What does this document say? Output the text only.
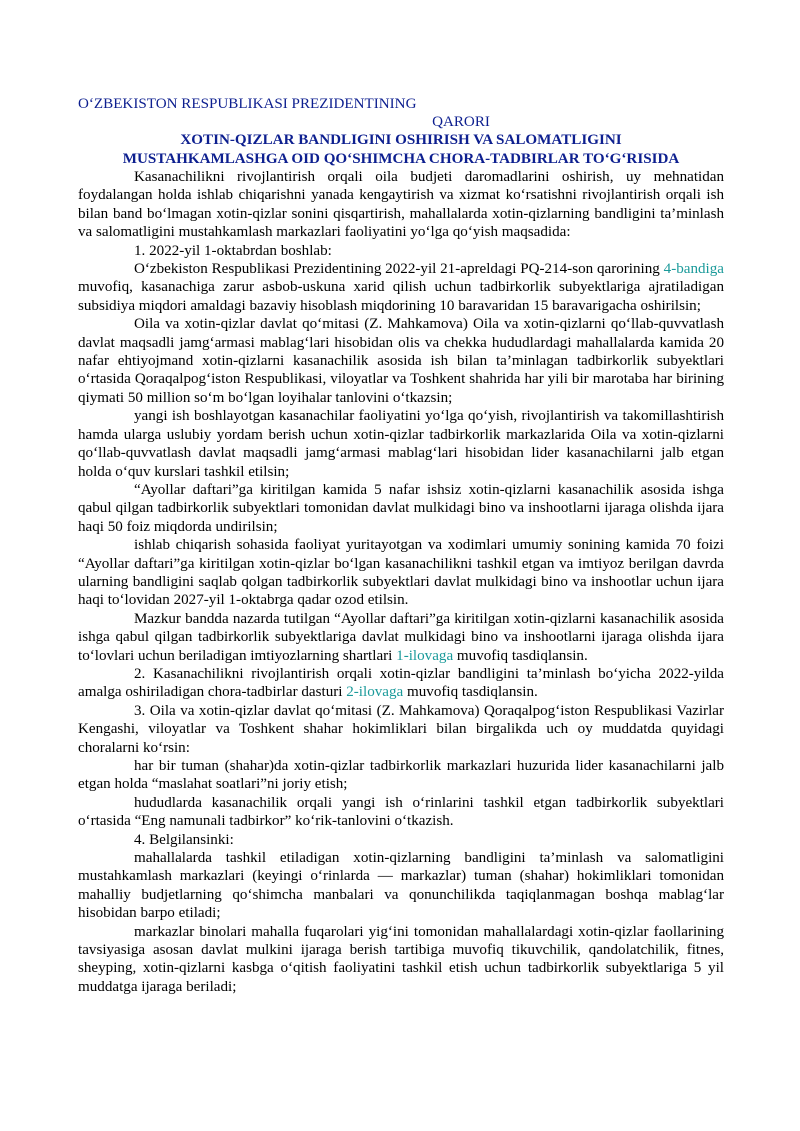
O‘ZBEKISTON RESPUBLIKASI PREZIDENTINING
QARORI
XOTIN-QIZLAR BANDLIGINI OSHIRISH VA SALOMATLIGINI
MUSTAHKAMLASHGA OID QO‘SHIMCHA CHORA-TADBIRLAR TO‘G‘RISIDA

Kasanachilikni rivojlantirish orqali oila budjeti daromadlarini oshirish, uy mehnatidan foydalangan holda ishlab chiqarishni yanada kengaytirish va xizmat ko‘rsatishni rivojlantirish orqali ish bilan band bo‘lmagan xotin-qizlar sonini qisqartirish, mahallalarda xotin-qizlarning bandligini ta’minlash va salomatligini mustahkamlash markazlari faoliyatini yo‘lga qo‘yish maqsadida:

1. 2022-yil 1-oktabrdan boshlab:

O‘zbekiston Respublikasi Prezidentining 2022-yil 21-apreldagi PQ-214-son qarorining 4-bandiga muvofiq, kasanachiga zarur asbob-uskuna xarid qilish uchun tadbirkorlik subyektlariga ajratiladigan subsidiya miqdori amaldagi bazaviy hisoblash miqdorining 10 baravaridan 15 baravarigacha oshirilsin;

Oila va xotin-qizlar davlat qo‘mitasi (Z. Mahkamova) Oila va xotin-qizlarni qo‘llab-quvvatlash davlat maqsadli jamg‘armasi mablag‘lari hisobidan olis va chekka hududlardagi mahallalarda kamida 20 nafar ehtiyojmand xotin-qizlarni kasanachilik asosida ish bilan ta’minlagan tadbirkorlik subyektlari o‘rtasida Qoraqalpog‘iston Respublikasi, viloyatlar va Toshkent shahrida har yili bir marotaba har birining qiymati 50 million so‘m bo‘lgan loyihalar tanlovini o‘tkazsin;

yangi ish boshlayotgan kasanachilar faoliyatini yo‘lga qo‘yish, rivojlantirish va takomillashtirish hamda ularga uslubiy yordam berish uchun xotin-qizlar tadbirkorlik markazlarida Oila va xotin-qizlarni qo‘llab-quvvatlash davlat maqsadli jamg‘armasi mablag‘lari hisobidan lider kasanachilarni jalb etgan holda o‘quv kurslari tashkil etilsin;

“Ayollar daftari”ga kiritilgan kamida 5 nafar ishsiz xotin-qizlarni kasanachilik asosida ishga qabul qilgan tadbirkorlik subyektlari tomonidan davlat mulkidagi bino va inshootlarni ijaraga olishda ijara haqi 50 foiz miqdorda undirilsin;

ishlab chiqarish sohasida faoliyat yuritayotgan va xodimlari umumiy sonining kamida 70 foizi “Ayollar daftari”ga kiritilgan xotin-qizlar bo‘lgan kasanachilikni tashkil etgan va imtiyoz berilgan davrda ularning bandligini saqlab qolgan tadbirkorlik subyektlari davlat mulkidagi bino va inshootlar uchun ijara haqi to‘lovidan 2027-yil 1-oktabrga qadar ozod etilsin.

Mazkur bandda nazarda tutilgan “Ayollar daftari”ga kiritilgan xotin-qizlarni kasanachilik asosida ishga qabul qilgan tadbirkorlik subyektlariga davlat mulkidagi bino va inshootlarni ijaraga olishda ijara to‘lovlari uchun beriladigan imtiyozlarning shartlari 1-ilovaga muvofiq tasdiqlansin.

2. Kasanachilikni rivojlantirish orqali xotin-qizlar bandligini ta’minlash bo‘yicha 2022-yilda amalga oshiriladigan chora-tadbirlar dasturi 2-ilovaga muvofiq tasdiqlansin.

3. Oila va xotin-qizlar davlat qo‘mitasi (Z. Mahkamova) Qoraqalpog‘iston Respublikasi Vazirlar Kengashi, viloyatlar va Toshkent shahar hokimliklari bilan birgalikda uch oy muddatda quyidagi choralarni ko‘rsin:

har bir tuman (shahar)da xotin-qizlar tadbirkorlik markazlari huzurida lider kasanachilarni jalb etgan holda “maslahat soatlari”ni joriy etish;

hududlarda kasanachilik orqali yangi ish o‘rinlarini tashkil etgan tadbirkorlik subyektlari o‘rtasida “Eng namunali tadbirkor” ko‘rik-tanlovini o‘tkazish.

4. Belgilansinki:

mahallalarda tashkil etiladigan xotin-qizlarning bandligini ta’minlash va salomatligini mustahkamlash markazlari (keyingi o‘rinlarda — markazlar) tuman (shahar) hokimliklari tomonidan mahalliy budjetlarning qo‘shimcha manbalari va qonunchilikda taqiqlanmagan boshqa mablag‘lar hisobidan barpo etiladi;

markazlar binolari mahalla fuqarolari yig‘ini tomonidan mahallalardagi xotin-qizlar faollarining tavsiyasiga asosan davlat mulkini ijaraga berish tartibiga muvofiq tikuvchilik, qandolatchilik, fitnes, sheyping, xotin-qizlarni kasbga o‘qitish faoliyatini tashkil etish uchun tadbirkorlik subyektlariga 5 yil muddatga ijaraga beriladi;
